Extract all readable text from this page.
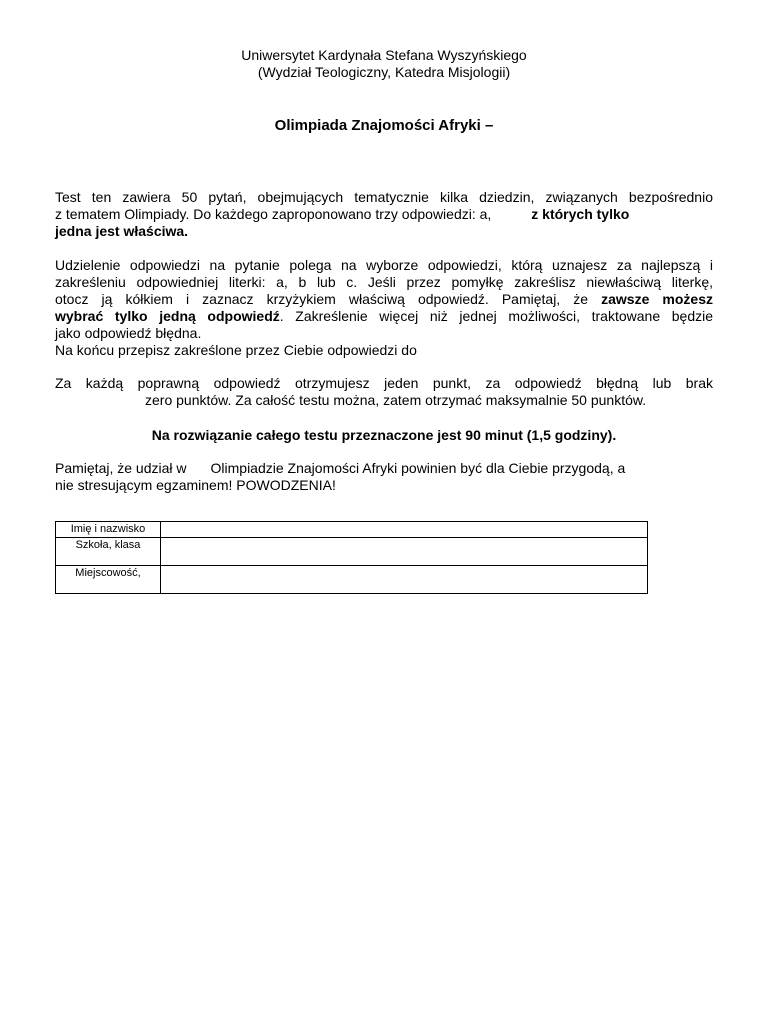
Uniwersytet Kardynała Stefana Wyszyńskiego
(Wydział Teologiczny, Katedra Misjologii)
Olimpiada Znajomości Afryki –
Test ten zawiera 50 pytań, obejmujących tematycznie kilka dziedzin, związanych bezpośrednio
z tematem Olimpiady. Do każdego zaproponowano trzy odpowiedzi: a,	z których tylko
jedna jest właściwa.
Udzielenie odpowiedzi na pytanie polega na wyborze odpowiedzi, którą uznajesz za najlepszą i
zakreśleniu odpowiedniej literki: a, b lub c. Jeśli przez pomyłkę zakreślisz niewłaściwą literkę,
otocz ją kółkiem i zaznacz krzyżykiem właściwą odpowiedź. Pamiętaj, że zawsze możesz
wybrać tylko jedną odpowiedź. Zakreślenie więcej niż jednej możliwości, traktowane będzie
jako odpowiedź błędna.
Na końcu przepisz zakreślone przez Ciebie odpowiedzi do
Za każdą poprawną odpowiedź otrzymujesz jeden punkt, za odpowiedź błędną lub brak
zero punktów. Za całość testu można, zatem otrzymać maksymalnie 50 punktów.
Na rozwiązanie całego testu przeznaczone jest 90 minut (1,5 godziny).
Pamiętaj, że udział w Olimpiadzie Znajomości Afryki powinien być dla Ciebie przygodą, a
nie stresującym egzaminem! POWODZENIA!
Imię i nazwisko	
Szkoła, klasa	
Miejscowość,	
